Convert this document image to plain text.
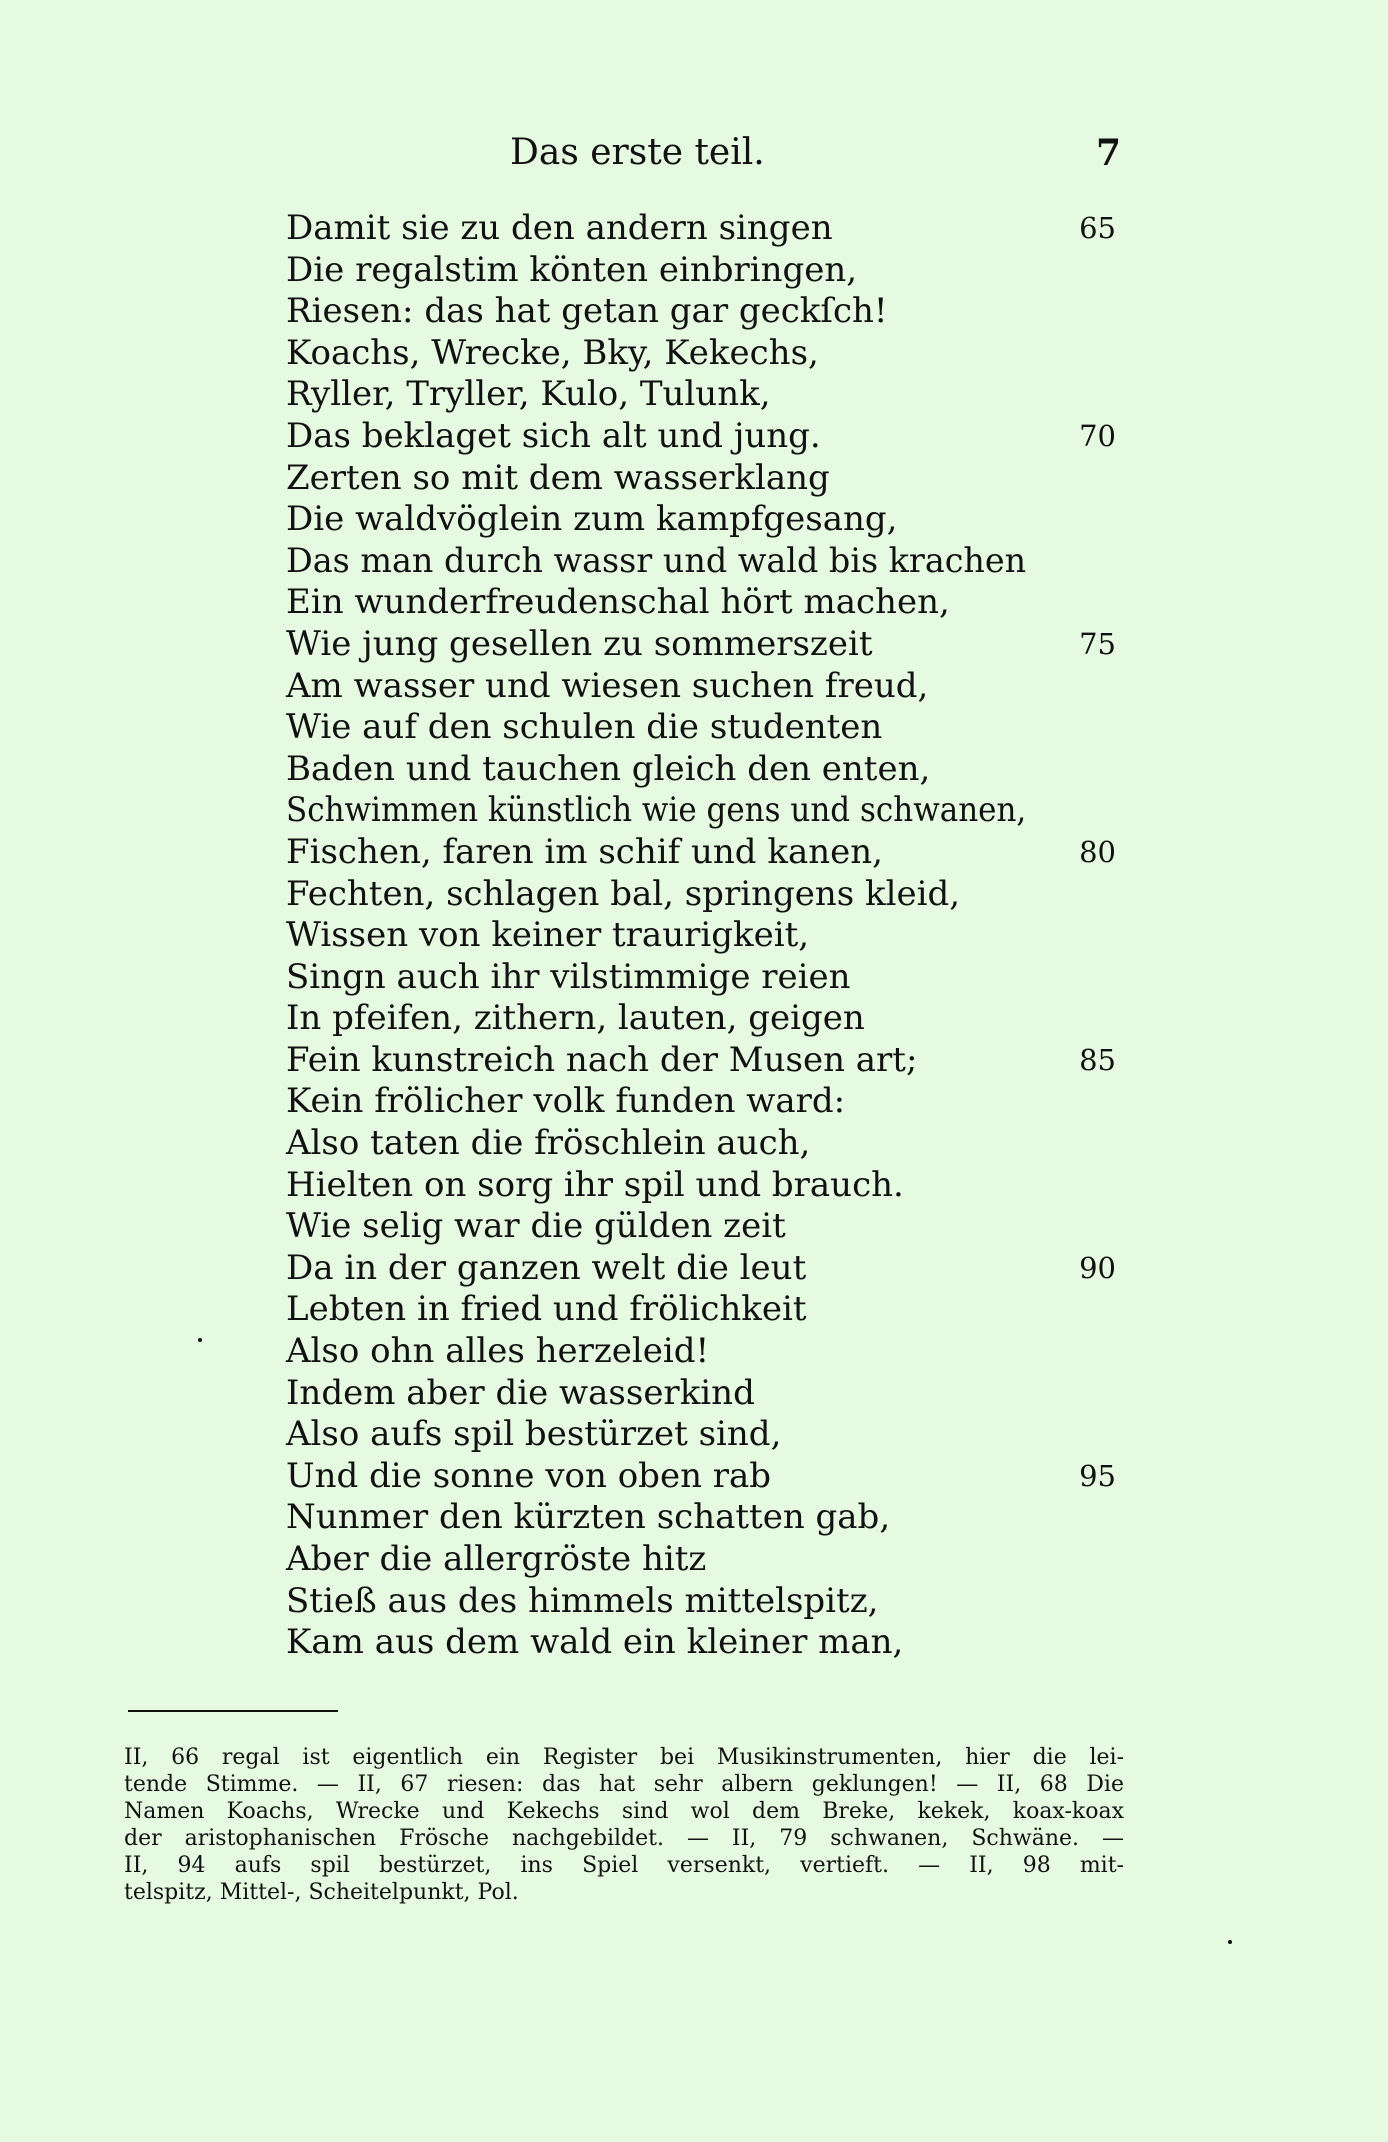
Das erste teil.	7
Damit sie zu den andern singen	65
Die regalstim könten einbringen,
Riesen: das hat getan gar geckſch!
Koachs, Wrecke, Bky, Kekechs,
Ryller, Tryller, Kulo, Tulunk,
Das beklaget sich alt und jung.	70
Zerten so mit dem wasserklang
Die waldvöglein zum kampfgesang,
Das man durch wassr und wald bis krachen
Ein wunderfreudenschal hört machen,
Wie jung gesellen zu sommerszeit	75
Am wasser und wiesen suchen freud,
Wie auf den schulen die studenten
Baden und tauchen gleich den enten,
Schwimmen künstlich wie gens und schwanen,
Fischen, faren im schif und kanen,	80
Fechten, schlagen bal, springens kleid,
Wissen von keiner traurigkeit,
Singn auch ihr vilstimmige reien
In pfeifen, zithern, lauten, geigen
Fein kunstreich nach der Musen art;	85
Kein frölicher volk funden ward:
Also taten die fröschlein auch,
Hielten on sorg ihr spil und brauch.
Wie selig war die gülden zeit
Da in der ganzen welt die leut	90
Lebten in fried und frölichkeit
Also ohn alles herzeleid!
Indem aber die wasserkind
Also aufs spil bestürzet sind,
Und die sonne von oben rab	95
Nunmer den kürzten schatten gab,
Aber die allergröste hitz
Stieß aus des himmels mittelspitz,
Kam aus dem wald ein kleiner man,
II, 66 regal ist eigentlich ein Register bei Musikinstrumenten, hier die lei-
tende Stimme. — II, 67 riesen: das hat sehr albern geklungen! — II, 68 Die
Namen Koachs, Wrecke und Kekechs sind wol dem Breke, kekek, koax-koax
der aristophanischen Frösche nachgebildet. — II, 79 schwanen, Schwäne. —
II, 94 aufs spil bestürzet, ins Spiel versenkt, vertieft. — II, 98 mit-
telspitz, Mittel-, Scheitelpunkt, Pol.
